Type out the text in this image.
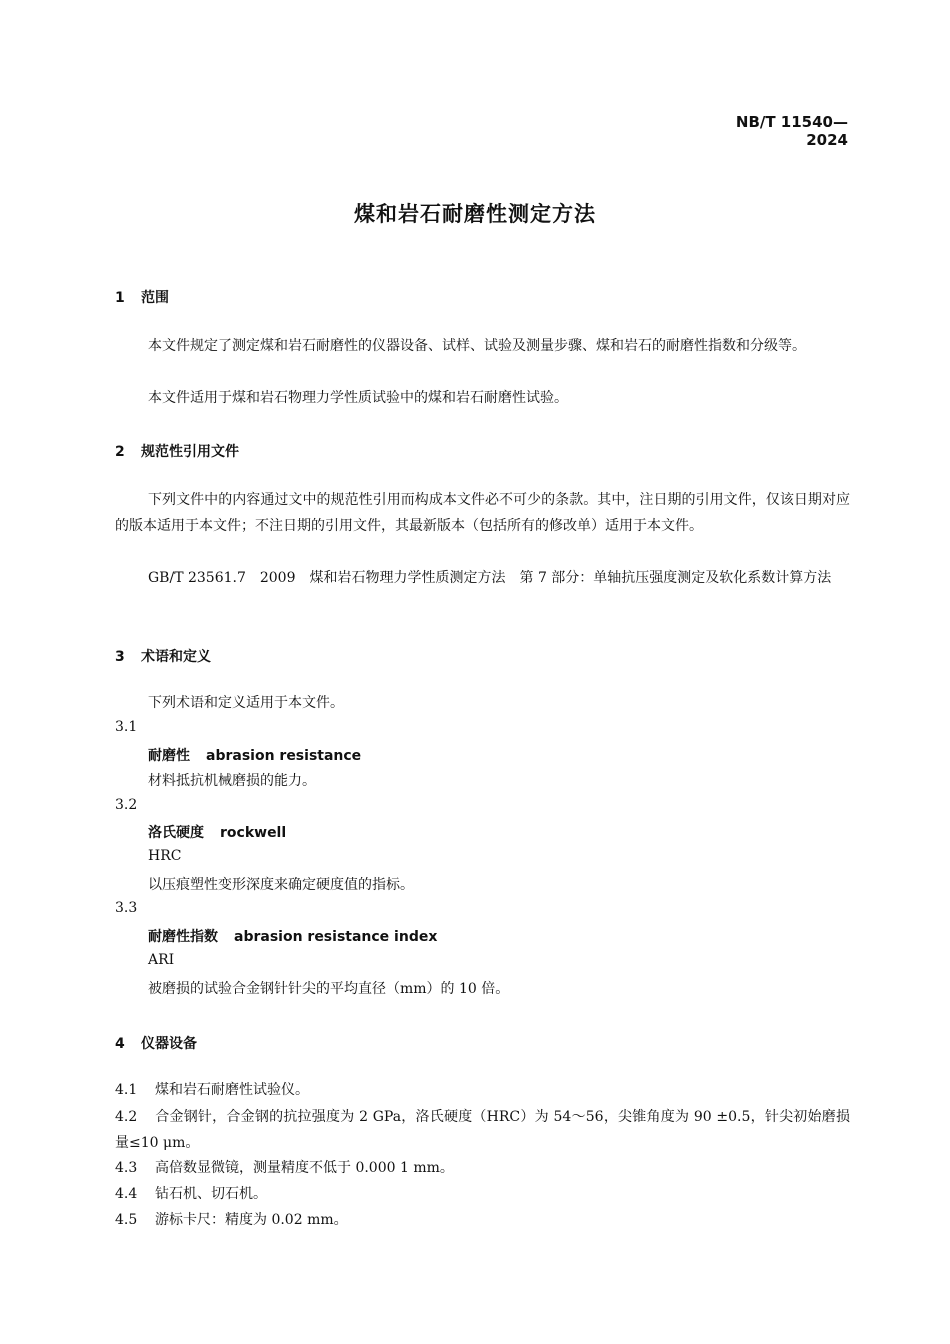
NB/T 11540—2024
煤和岩石耐磨性测定方法
1 范围
本文件规定了测定煤和岩石耐磨性的仪器设备、试样、试验及测量步骤、煤和岩石的耐磨性指数和分级等。
本文件适用于煤和岩石物理力学性质试验中的煤和岩石耐磨性试验。
2 规范性引用文件
下列文件中的内容通过文中的规范性引用而构成本文件必不可少的条款。其中，注日期的引用文件，仅该日期对应的版本适用于本文件；不注日期的引用文件，其最新版本（包括所有的修改单）适用于本文件。
GB/T 23561.7　2009　煤和岩石物理力学性质测定方法　第 7 部分：单轴抗压强度测定及软化系数计算方法
3 术语和定义
下列术语和定义适用于本文件。
3.1
耐磨性 abrasion resistance
材料抵抗机械磨损的能力。
3.2
洛氏硬度 rockwell
HRC
以压痕塑性变形深度来确定硬度值的指标。
3.3
耐磨性指数 abrasion resistance index
ARI
被磨损的试验合金钢针针尖的平均直径（mm）的 10 倍。
4 仪器设备
4.1 煤和岩石耐磨性试验仪。
4.2 合金钢针，合金钢的抗拉强度为 2 GPa，洛氏硬度（HRC）为 54～56，尖锥角度为 90 ±0.5，针尖初始磨损量≤10 μm。
4.3 高倍数显微镜，测量精度不低于 0.000 1 mm。
4.4 钻石机、切石机。
4.5 游标卡尺：精度为 0.02 mm。
